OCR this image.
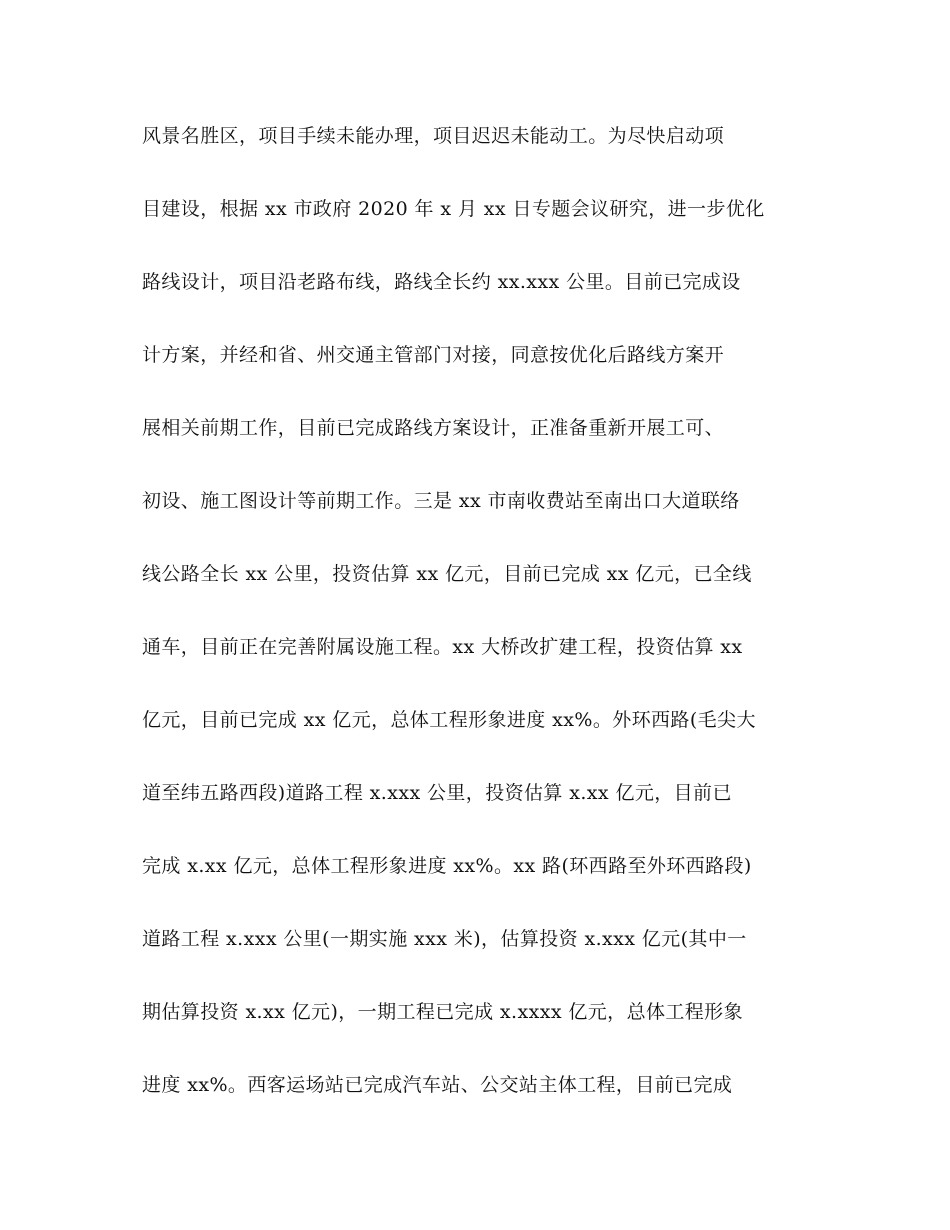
风景名胜区，项目手续未能办理，项目迟迟未能动工。为尽快启动项
目建设，根据 xx 市政府 2020 年 x 月 xx 日专题会议研究，进一步优化
路线设计，项目沿老路布线，路线全长约 xx.xxx 公里。目前已完成设
计方案，并经和省、州交通主管部门对接，同意按优化后路线方案开
展相关前期工作，目前已完成路线方案设计，正准备重新开展工可、
初设、施工图设计等前期工作。三是 xx 市南收费站至南出口大道联络
线公路全长 xx 公里，投资估算 xx 亿元，目前已完成 xx 亿元，已全线
通车，目前正在完善附属设施工程。xx 大桥改扩建工程，投资估算 xx
亿元，目前已完成 xx 亿元，总体工程形象进度 xx%。外环西路(毛尖大
道至纬五路西段)道路工程 x.xxx 公里，投资估算 x.xx 亿元，目前已
完成 x.xx 亿元，总体工程形象进度 xx%。xx 路(环西路至外环西路段)
道路工程 x.xxx 公里(一期实施 xxx 米)，估算投资 x.xxx 亿元(其中一
期估算投资 x.xx 亿元)，一期工程已完成 x.xxxx 亿元，总体工程形象
进度 xx%。西客运场站已完成汽车站、公交站主体工程，目前已完成
